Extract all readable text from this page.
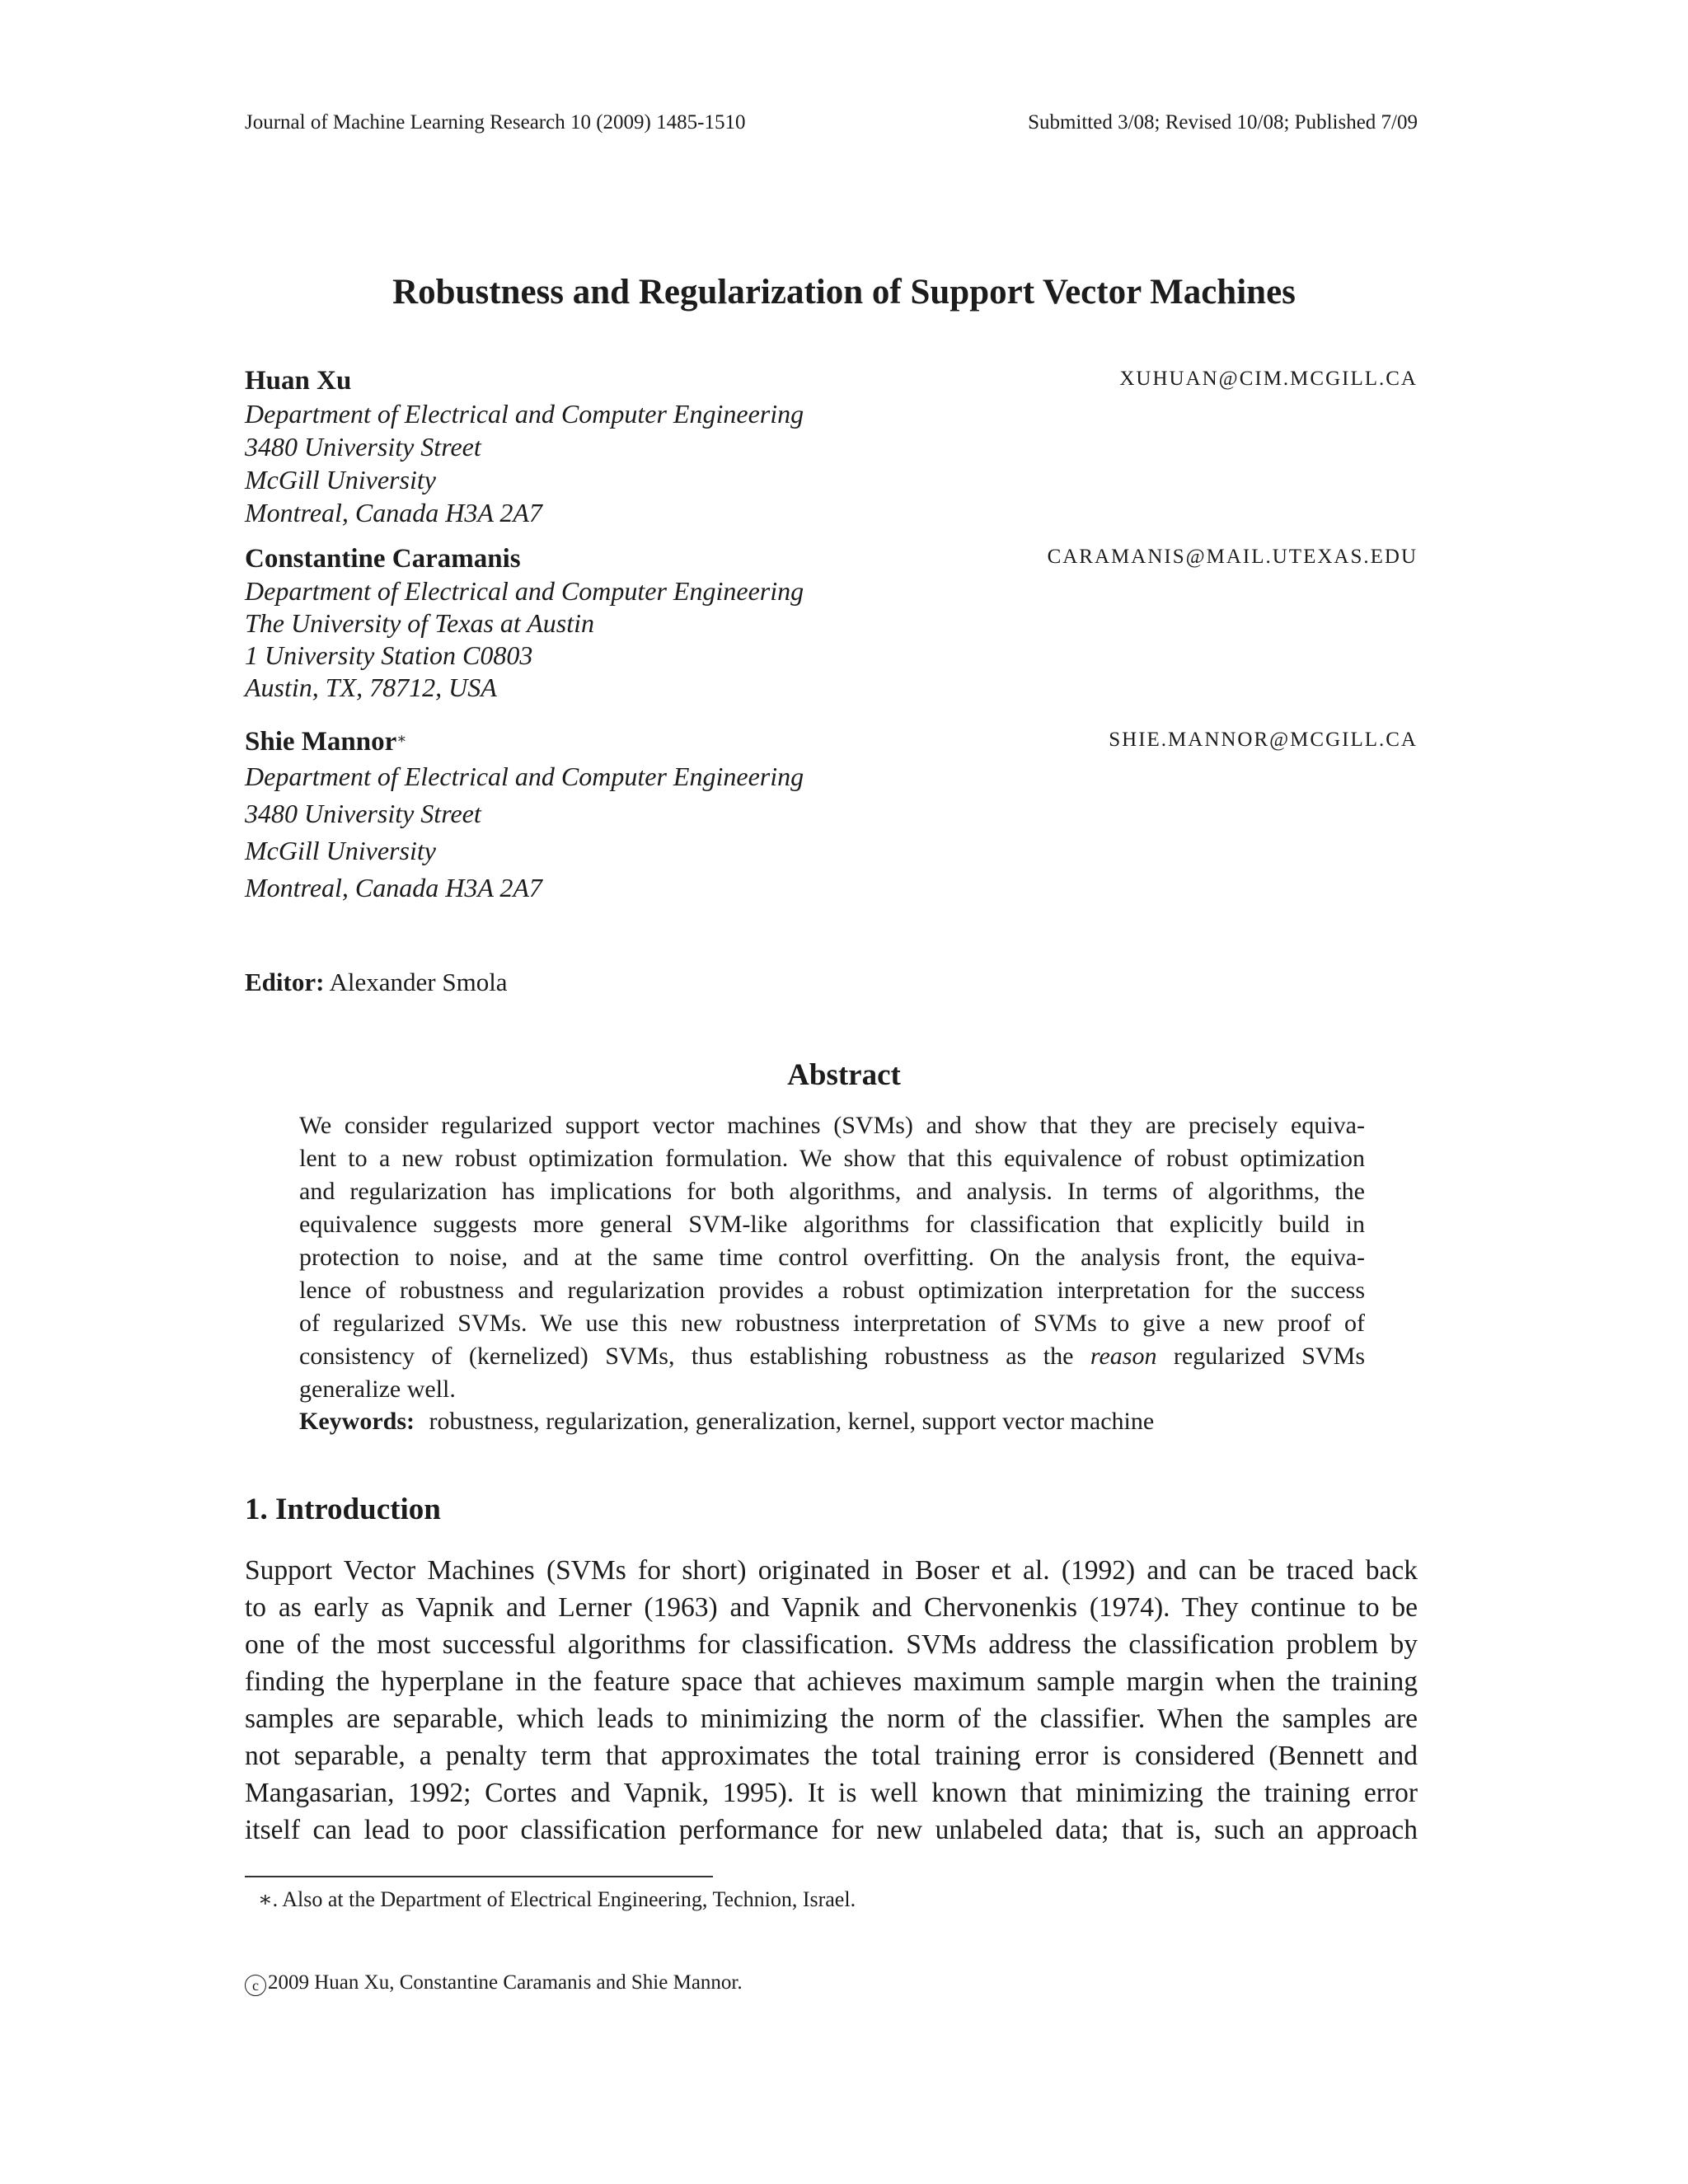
Journal of Machine Learning Research 10 (2009) 1485-1510	Submitted 3/08; Revised 10/08; Published 7/09

Robustness and Regularization of Support Vector Machines
Huan Xu	XUHUAN@CIM.MCGILL.CA
Department of Electrical and Computer Engineering
3480 University Street
McGill University
Montreal, Canada H3A 2A7
Constantine Caramanis	CARAMANIS@MAIL.UTEXAS.EDU
Department of Electrical and Computer Engineering
The University of Texas at Austin
1 University Station C0803
Austin, TX, 78712, USA
Shie Mannor∗	SHIE.MANNOR@MCGILL.CA
Department of Electrical and Computer Engineering
3480 University Street
McGill University
Montreal, Canada H3A 2A7

Editor: Alexander Smola

Abstract
We consider regularized support vector machines (SVMs) and show that they are precisely equiva-
lent to a new robust optimization formulation. We show that this equivalence of robust optimization
and regularization has implications for both algorithms, and analysis. In terms of algorithms, the
equivalence suggests more general SVM-like algorithms for classification that explicitly build in
protection to noise, and at the same time control overfitting. On the analysis front, the equiva-
lence of robustness and regularization provides a robust optimization interpretation for the success
of regularized SVMs. We use this new robustness interpretation of SVMs to give a new proof of
consistency of (kernelized) SVMs, thus establishing robustness as the reason regularized SVMs
generalize well.

Keywords: robustness, regularization, generalization, kernel, support vector machine

1. Introduction
Support Vector Machines (SVMs for short) originated in Boser et al. (1992) and can be traced back
to as early as Vapnik and Lerner (1963) and Vapnik and Chervonenkis (1974). They continue to be
one of the most successful algorithms for classification. SVMs address the classification problem by
finding the hyperplane in the feature space that achieves maximum sample margin when the training
samples are separable, which leads to minimizing the norm of the classifier. When the samples are
not separable, a penalty term that approximates the total training error is considered (Bennett and
Mangasarian, 1992; Cortes and Vapnik, 1995). It is well known that minimizing the training error
itself can lead to poor classification performance for new unlabeled data; that is, such an approach

∗. Also at the Department of Electrical Engineering, Technion, Israel.

c 2009 Huan Xu, Constantine Caramanis and Shie Mannor.
